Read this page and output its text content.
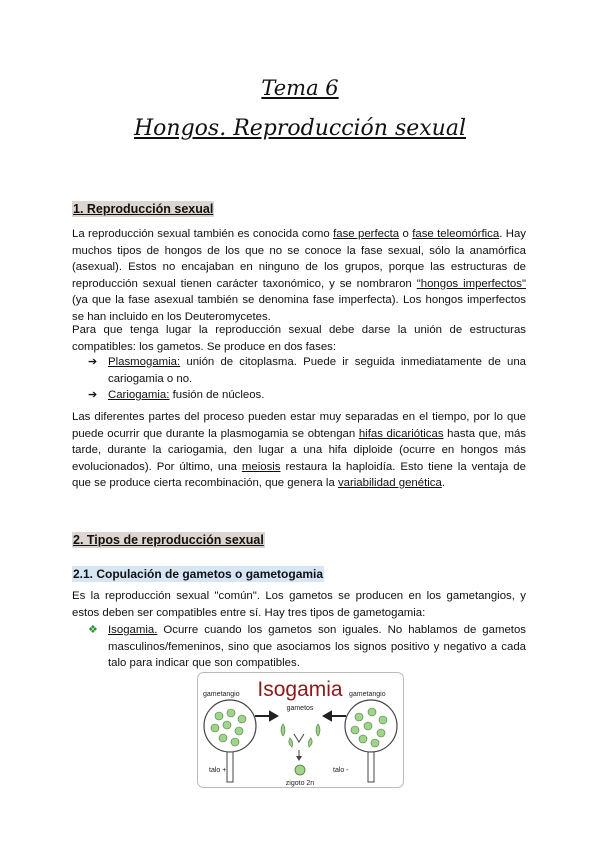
Tema 6
Hongos. Reproducción sexual
1. Reproducción sexual

La reproducción sexual también es conocida como fase perfecta o fase teleomórfica. Hay muchos tipos de hongos de los que no se conoce la fase sexual, sólo la anamórfica (asexual). Estos no encajaban en ninguno de los grupos, porque las estructuras de reproducción sexual tienen carácter taxonómico, y se nombraron "hongos imperfectos" (ya que la fase asexual también se denomina fase imperfecta). Los hongos imperfectos se han incluido en los Deuteromycetes.

Para que tenga lugar la reproducción sexual debe darse la unión de estructuras compatibles: los gametos. Se produce en dos fases:

➔ Plasmogamia: unión de citoplasma. Puede ir seguida inmediatamente de una cariogamia o no.
➔ Cariogamia: fusión de núcleos.

Las diferentes partes del proceso pueden estar muy separadas en el tiempo, por lo que puede ocurrir que durante la plasmogamia se obtengan hifas dicarióticas hasta que, más tarde, durante la cariogamia, den lugar a una hifa diploide (ocurre en hongos más evolucionados). Por último, una meiosis restaura la haploidía. Esto tiene la ventaja de que se produce cierta recombinación, que genera la variabilidad genética.

2. Tipos de reproducción sexual
2.1. Copulación de gametos o gametogamia

Es la reproducción sexual "común". Los gametos se producen en los gametangios, y estos deben ser compatibles entre sí. Hay tres tipos de gametogamia:

❖ Isogamia. Ocurre cuando los gametos son iguales. No hablamos de gametos masculinos/femeninos, sino que asociamos los signos positivo y negativo a cada talo para indicar que son compatibles.
Isogamia
gametangio	gametangio
gametos
talo +	talo -
zigoto 2n
